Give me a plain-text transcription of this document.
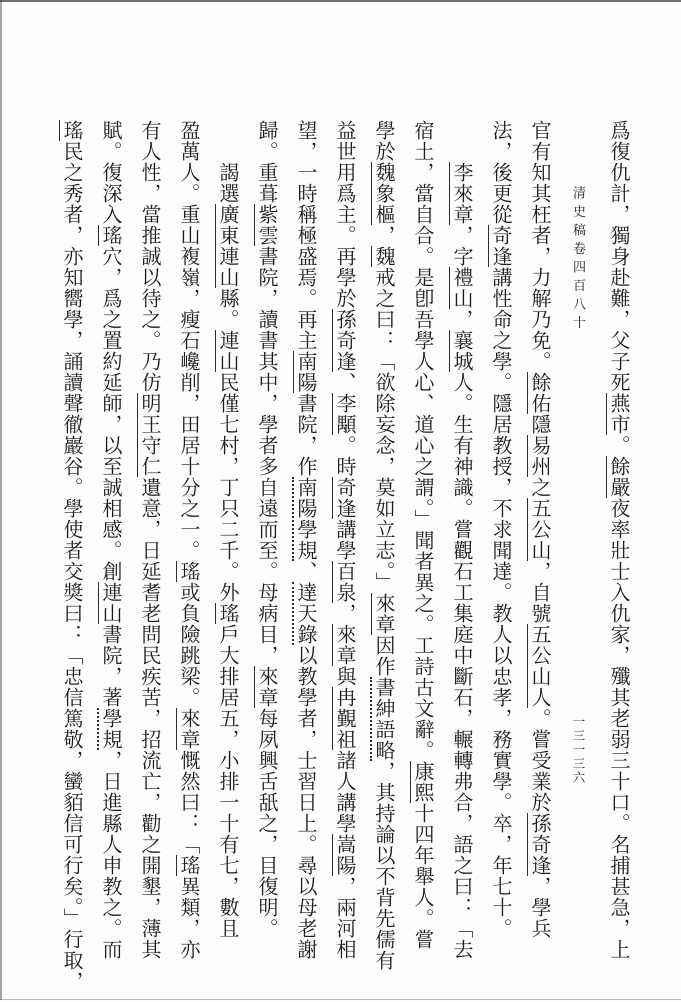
爲復仇計，獨身赴難，父子死燕市。餘嚴夜率壯士入仇家，殲其老弱三十口。名捕甚急，上
清史稿卷四百八十一三一三六
官有知其枉者，力解乃免。餘佑隱易州之五公山，自號五公山人。嘗受業於孫奇逢，學兵
法，後更從奇逢講性命之學。隱居教授，不求聞達。教人以忠孝，務實學。卒，年七十。
李來章，字禮山，襄城人。生有神識。嘗觀石工集庭中斷石，輾轉弗合，語之曰：「去
宿土，當自合。是卽吾學人心、道心之謂。」聞者異之。工詩古文辭。康熙十四年舉人。嘗
學於魏象樞，魏戒之曰：「欲除妄念，莫如立志。」來章因作書紳語略，其持論以不背先儒有
益世用爲主。再學於孫奇逢、李顒。時奇逢講學百泉，來章與冉覲祖諸人講學嵩陽，兩河相
望，一時稱極盛焉。再主南陽書院，作南陽學規、達天錄以教學者，士習日上。尋以母老謝
歸。重葺紫雲書院，讀書其中，學者多自遠而至。母病目，來章每夙興舌舐之，目復明。
謁選廣東連山縣。連山民僅七村，丁只二千。外瑤戶大排居五，小排一十有七，數且
盈萬人。重山複嶺，瘦石巉削，田居十分之一。瑤或負險跳梁。來章慨然曰：「瑤異類，亦
有人性，當推誠以待之。乃仿明王守仁遺意，日延耆老問民疾苦，招流亡，勸之開墾，薄其
賦。復深入瑤穴，爲之置約延師，以至誠相感。創連山書院，著學規，日進縣人申教之。而
瑤民之秀者，亦知嚮學，誦讀聲徹巖谷。學使者交獎曰：「忠信篤敬，蠻貊信可行矣。」行取，
